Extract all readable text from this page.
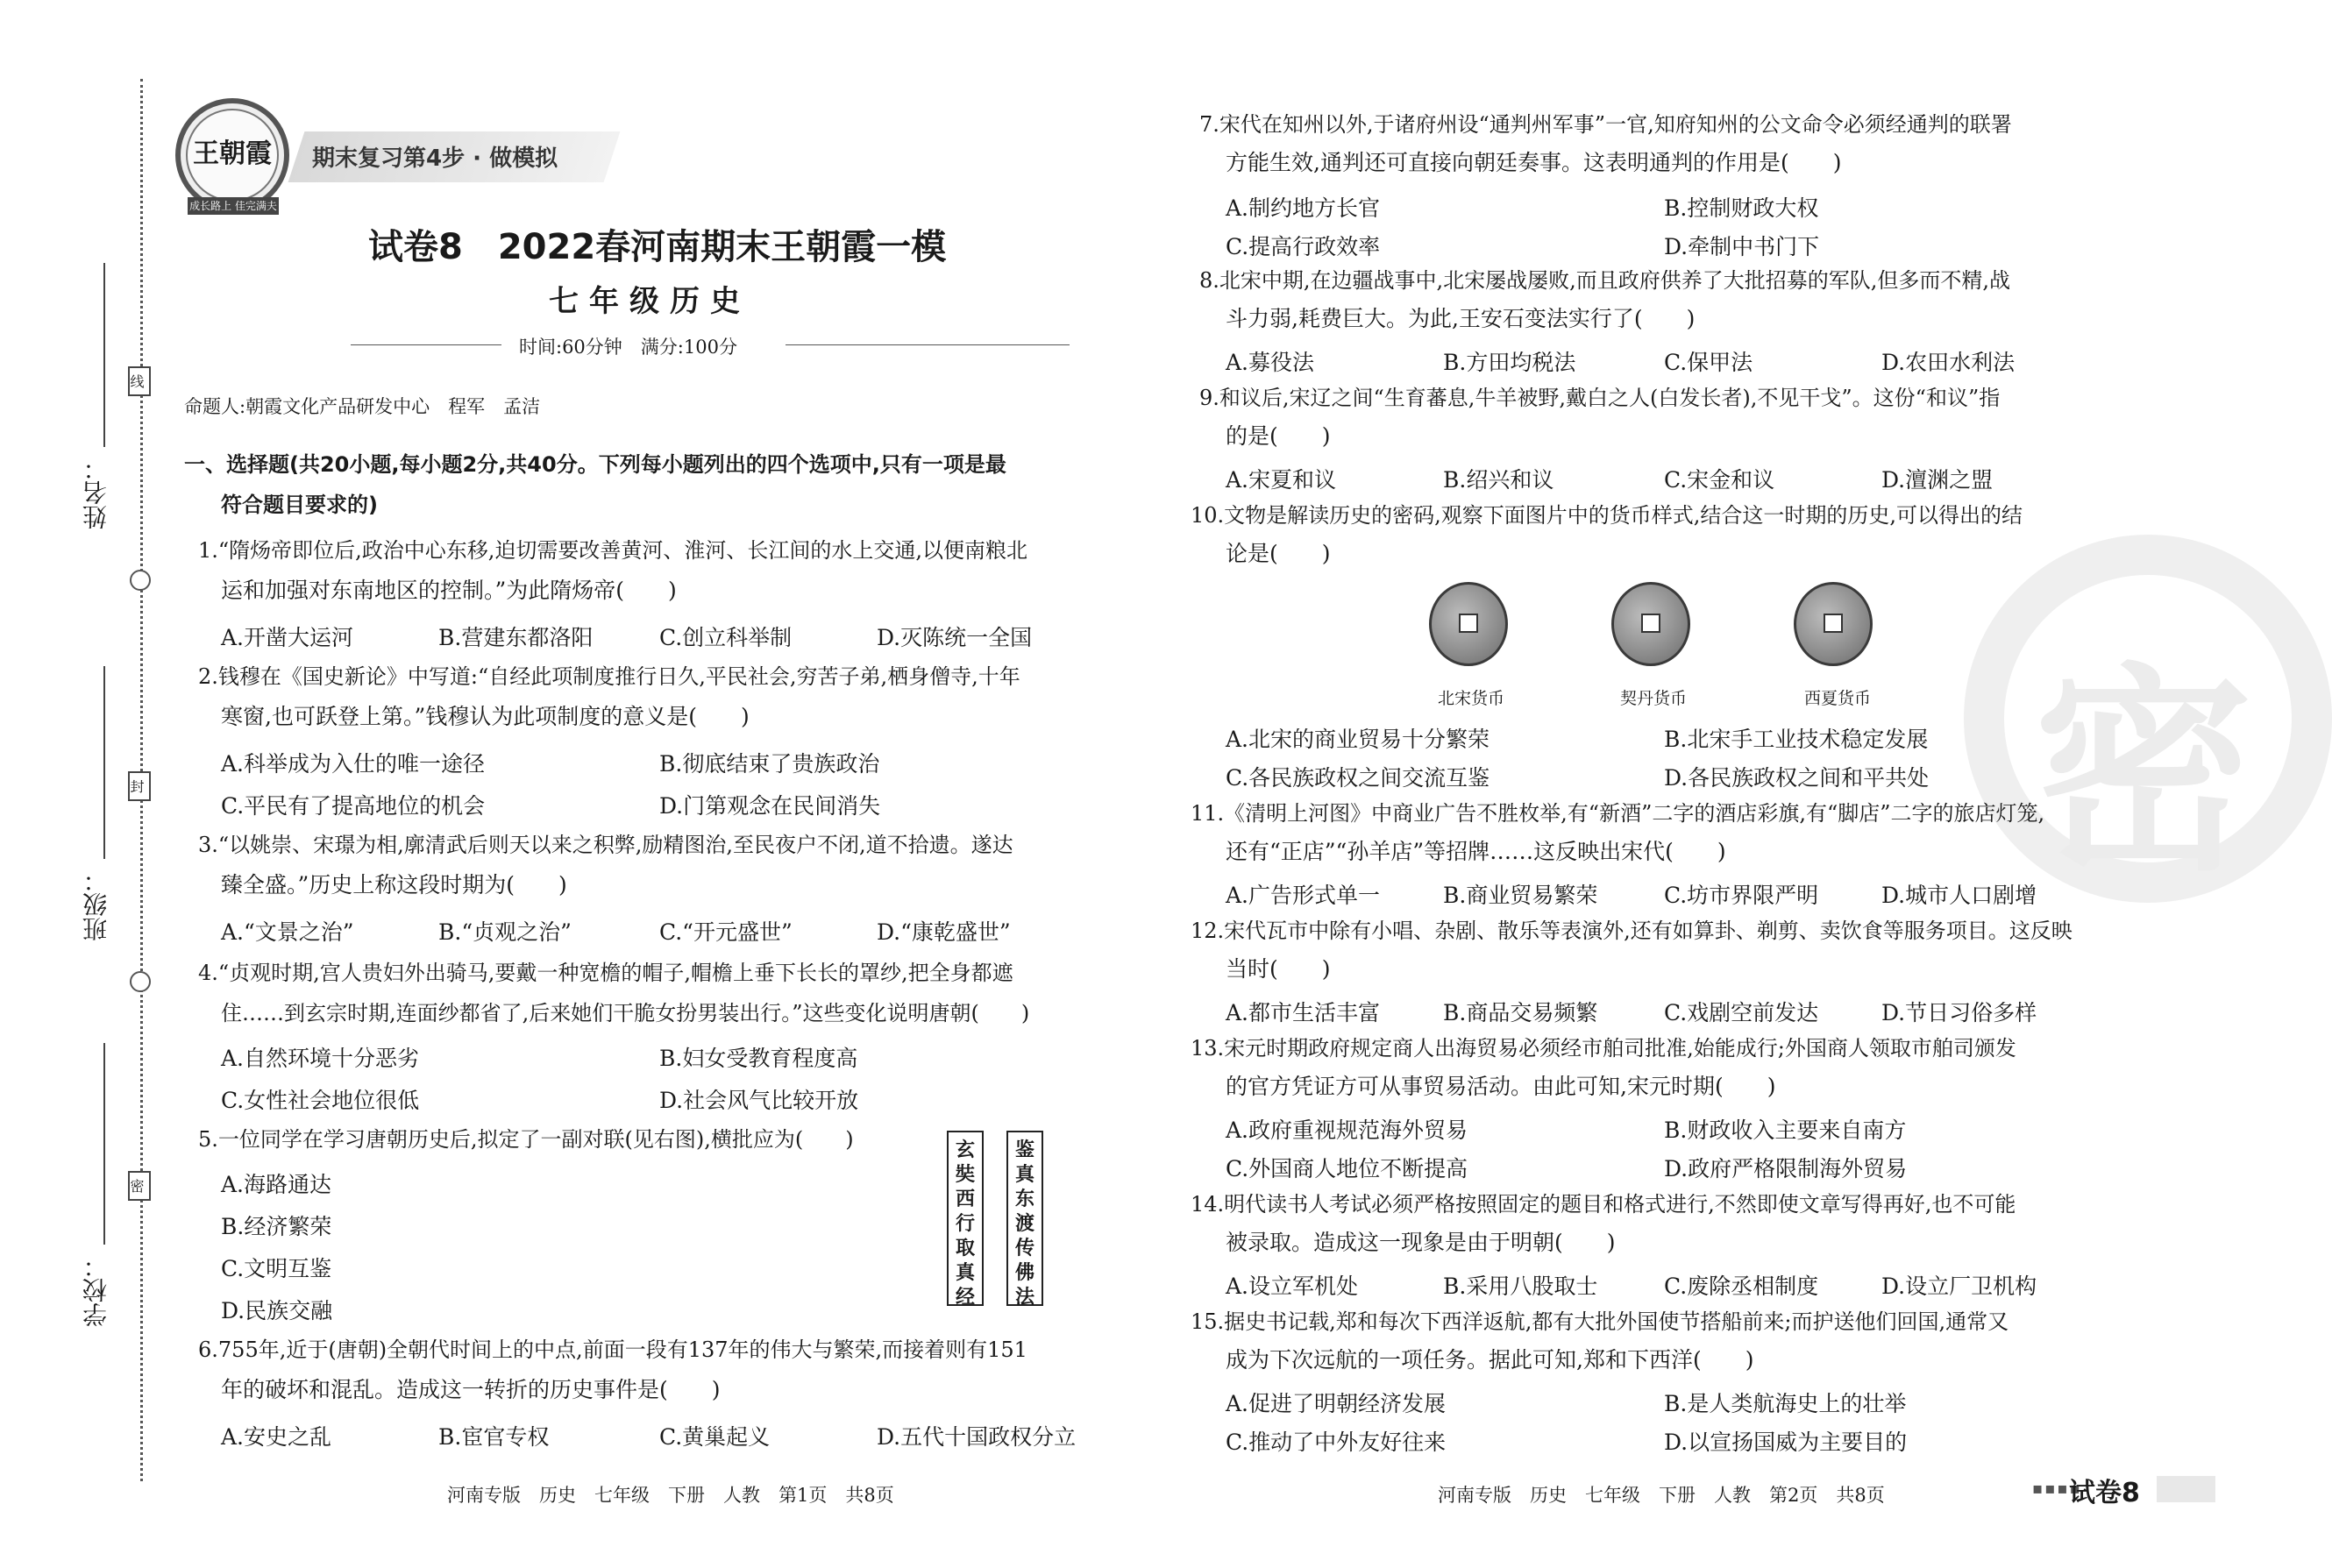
姓名：
班级：
学校：
线
封
密
王朝霞
成长路上 佳完满夫
期末复习第4步 · 做模拟
试卷8　2022春河南期末王朝霞一模
七年级历史
时间:60分钟　满分:100分
命题人:朝霞文化产品研发中心　程军　孟洁
一、选择题(共20小题,每小题2分,共40分。下列每小题列出的四个选项中,只有一项是最
符合题目要求的)
1.“隋炀帝即位后,政治中心东移,迫切需要改善黄河、淮河、长江间的水上交通,以便南粮北
运和加强对东南地区的控制。”为此隋炀帝(　　)
A.开凿大运河	B.营建东都洛阳	C.创立科举制	D.灭陈统一全国
2.钱穆在《国史新论》中写道:“自经此项制度推行日久,平民社会,穷苦子弟,栖身僧寺,十年
寒窗,也可跃登上第。”钱穆认为此项制度的意义是(　　)
A.科举成为入仕的唯一途径	B.彻底结束了贵族政治
C.平民有了提高地位的机会	D.门第观念在民间消失
3.“以姚崇、宋璟为相,廓清武后则天以来之积弊,励精图治,至民夜户不闭,道不拾遗。遂达
臻全盛。”历史上称这段时期为(　　)
A.“文景之治”	B.“贞观之治”	C.“开元盛世”	D.“康乾盛世”
4.“贞观时期,宫人贵妇外出骑马,要戴一种宽檐的帽子,帽檐上垂下长长的罩纱,把全身都遮
住……到玄宗时期,连面纱都省了,后来她们干脆女扮男装出行。”这些变化说明唐朝(　　)
A.自然环境十分恶劣	B.妇女受教育程度高
C.女性社会地位很低	D.社会风气比较开放
5.一位同学在学习唐朝历史后,拟定了一副对联(见右图),横批应为(　　)
A.海路通达
B.经济繁荣
C.文明互鉴
D.民族交融
玄奘西行取真经
鉴真东渡传佛法
6.755年,近于(唐朝)全朝代时间上的中点,前面一段有137年的伟大与繁荣,而接着则有151
年的破坏和混乱。造成这一转折的历史事件是(　　)
A.安史之乱	B.宦官专权	C.黄巢起义	D.五代十国政权分立
河南专版　历史　七年级　下册　人教　第1页　共8页
密
7.宋代在知州以外,于诸府州设“通判州军事”一官,知府知州的公文命令必须经通判的联署
方能生效,通判还可直接向朝廷奏事。这表明通判的作用是(　　)
A.制约地方长官	B.控制财政大权
C.提高行政效率	D.牵制中书门下
8.北宋中期,在边疆战事中,北宋屡战屡败,而且政府供养了大批招募的军队,但多而不精,战
斗力弱,耗费巨大。为此,王安石变法实行了(　　)
A.募役法	B.方田均税法	C.保甲法	D.农田水利法
9.和议后,宋辽之间“生育蕃息,牛羊被野,戴白之人(白发长者),不见干戈”。这份“和议”指
的是(　　)
A.宋夏和议	B.绍兴和议	C.宋金和议	D.澶渊之盟
10.文物是解读历史的密码,观察下面图片中的货币样式,结合这一时期的历史,可以得出的结
论是(　　)
北宋货币	契丹货币	西夏货币
A.北宋的商业贸易十分繁荣	B.北宋手工业技术稳定发展
C.各民族政权之间交流互鉴	D.各民族政权之间和平共处
11.《清明上河图》中商业广告不胜枚举,有“新酒”二字的酒店彩旗,有“脚店”二字的旅店灯笼,
还有“正店”“孙羊店”等招牌……这反映出宋代(　　)
A.广告形式单一	B.商业贸易繁荣	C.坊市界限严明	D.城市人口剧增
12.宋代瓦市中除有小唱、杂剧、散乐等表演外,还有如算卦、剃剪、卖饮食等服务项目。这反映
当时(　　)
A.都市生活丰富	B.商品交易频繁	C.戏剧空前发达	D.节日习俗多样
13.宋元时期政府规定商人出海贸易必须经市舶司批准,始能成行;外国商人领取市舶司颁发
的官方凭证方可从事贸易活动。由此可知,宋元时期(　　)
A.政府重视规范海外贸易	B.财政收入主要来自南方
C.外国商人地位不断提高	D.政府严格限制海外贸易
14.明代读书人考试必须严格按照固定的题目和格式进行,不然即使文章写得再好,也不可能
被录取。造成这一现象是由于明朝(　　)
A.设立军机处	B.采用八股取士	C.废除丞相制度	D.设立厂卫机构
15.据史书记载,郑和每次下西洋返航,都有大批外国使节搭船前来;而护送他们回国,通常又
成为下次远航的一项任务。据此可知,郑和下西洋(　　)
A.促进了明朝经济发展	B.是人类航海史上的壮举
C.推动了中外友好往来	D.以宣扬国威为主要目的
河南专版　历史　七年级　下册　人教　第2页　共8页	▪▪▪▪
试卷8
